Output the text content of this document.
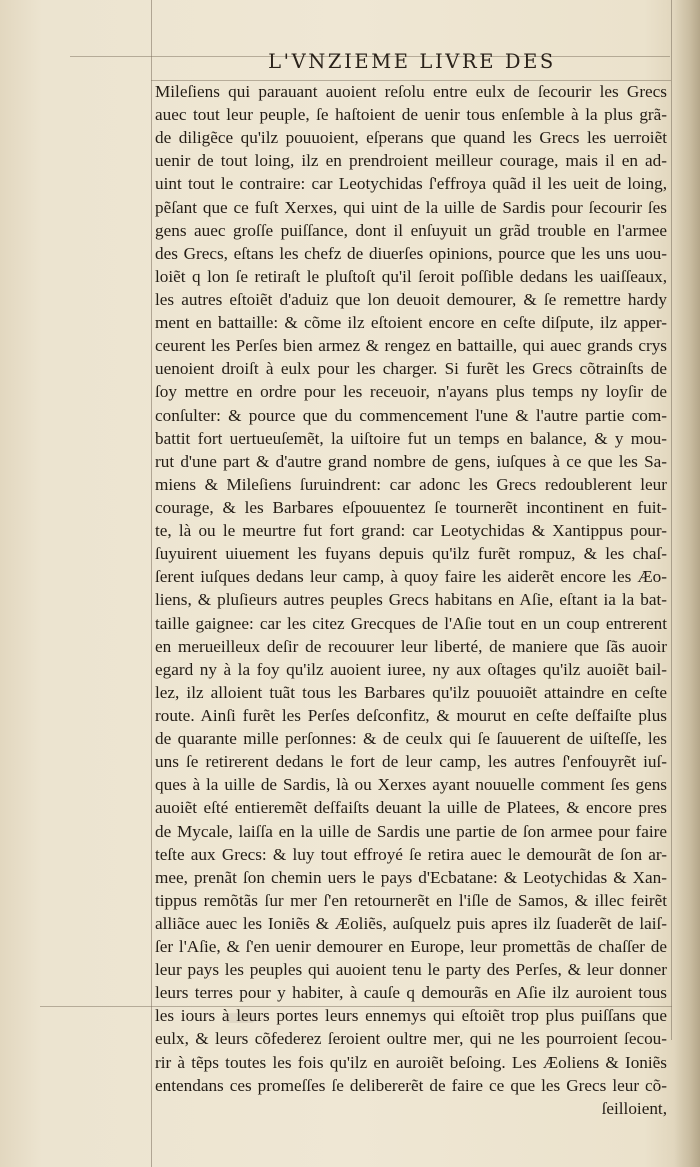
L'VNZIEME LIVRE DES
Mileſiens qui parauant auoient reſolu entre eulx de ſecourir les Grecs
auec tout leur peuple, ſe haſtoient de uenir tous enſemble à la plus grã-
de diligẽce qu'ilz pouuoient, eſperans que quand les Grecs les uerroiẽt
uenir de tout loing, ilz en prendroient meilleur courage, mais il en ad-
uint tout le contraire: car Leotychidas ſ'effroya quãd il les ueit de loing,
pẽſant que ce fuſt Xerxes, qui uint de la uille de Sardis pour ſecourir ſes
gens auec groſſe puiſſance, dont il enſuyuit un grãd trouble en l'armee
des Grecs, eſtans les chefz de diuerſes opinions, pource que les uns uou-
loiẽt q lon ſe retiraſt le pluſtoſt qu'il ſeroit poſſible dedans les uaiſſeaux,
les autres eſtoiẽt d'aduiz que lon deuoit demourer, & ſe remettre hardy
ment en battaille: & cõme ilz eſtoient encore en ceſte diſpute, ilz apper-
ceurent les Perſes bien armez & rengez en battaille, qui auec grands crys
uenoient droiſt à eulx pour les charger. Si furẽt les Grecs cõtrainſts de
ſoy mettre en ordre pour les receuoir, n'ayans plus temps ny loyſir de
conſulter: & pource que du commencement l'une & l'autre partie com-
battit fort uertueuſemẽt, la uiſtoire fut un temps en balance, & y mou-
rut d'une part & d'autre grand nombre de gens, iuſques à ce que les Sa-
miens & Mileſiens ſuruindrent: car adonc les Grecs redoublerent leur
courage, & les Barbares eſpouuentez ſe tournerẽt incontinent en fuit-
te, là ou le meurtre fut fort grand: car Leotychidas & Xantippus pour-
ſuyuirent uiuement les fuyans depuis qu'ilz furẽt rompuz, & les chaſ-
ſerent iuſques dedans leur camp, à quoy faire les aiderẽt encore les Æo-
liens, & pluſieurs autres peuples Grecs habitans en Aſie, eſtant ia la bat-
taille gaignee: car les citez Grecques de l'Aſie tout en un coup entrerent
en merueilleux deſir de recouurer leur liberté, de maniere que ſãs auoir
egard ny à la foy qu'ilz auoient iuree, ny aux oſtages qu'ilz auoiẽt bail-
lez, ilz alloient tuãt tous les Barbares qu'ilz pouuoiẽt attaindre en ceſte
route. Ainſi furẽt les Perſes deſconfitz, & mourut en ceſte deſfaiſte plus
de quarante mille perſonnes: & de ceulx qui ſe ſauuerent de uiſteſſe, les
uns ſe retirerent dedans le fort de leur camp, les autres ſ'enfouyrẽt iuſ-
ques à la uille de Sardis, là ou Xerxes ayant nouuelle comment ſes gens
auoiẽt eſté entieremẽt deſfaiſts deuant la uille de Platees, & encore pres
de Mycale, laiſſa en la uille de Sardis une partie de ſon armee pour faire
teſte aux Grecs: & luy tout effroyé ſe retira auec le demourãt de ſon ar-
mee, prenãt ſon chemin uers le pays d'Ecbatane: & Leotychidas & Xan-
tippus remõtãs ſur mer ſ'en retournerẽt en l'iſle de Samos, & illec feirẽt
alliãce auec les Ioniẽs & Æoliẽs, auſquelz puis apres ilz ſuaderẽt de laiſ-
ſer l'Aſie, & ſ'en uenir demourer en Europe, leur promettãs de chaſſer de
leur pays les peuples qui auoient tenu le party des Perſes, & leur donner
leurs terres pour y habiter, à cauſe q demourãs en Aſie ilz auroient tous
les iours à leurs portes leurs ennemys qui eſtoiẽt trop plus puiſſans que
eulx, & leurs cõfederez ſeroient oultre mer, qui ne les pourroient ſecou-
rir à tẽps toutes les fois qu'ilz en auroiẽt beſoing. Les Æoliens & Ioniẽs
entendans ces promeſſes ſe delibererẽt de faire ce que les Grecs leur cõ-
ſeilloient,
